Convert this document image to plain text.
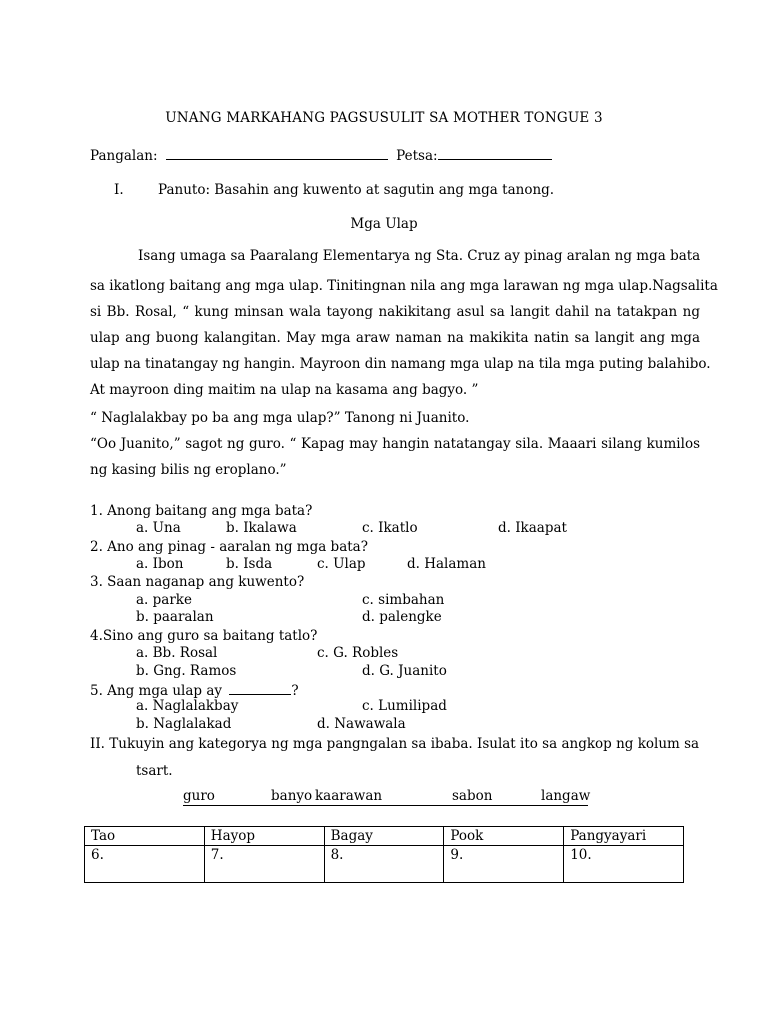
UNANG MARKAHANG PAGSUSULIT SA MOTHER TONGUE 3
Pangalan:	Petsa:
I.	Panuto: Basahin ang kuwento at sagutin ang mga tanong.
Mga Ulap
Isang umaga sa Paaralang Elementarya ng Sta. Cruz ay pinag aralan ng mga bata
sa ikatlong baitang ang mga ulap. Tinitingnan nila ang mga larawan ng mga ulap.Nagsalita
si Bb. Rosal, “ kung minsan wala tayong nakikitang asul sa langit dahil na tatakpan ng
ulap ang buong kalangitan. May mga araw naman na makikita natin sa langit ang mga
ulap na tinatangay ng hangin. Mayroon din namang mga ulap na tila mga puting balahibo.
At mayroon ding maitim na ulap na kasama ang bagyo. ”
“ Naglalakbay po ba ang mga ulap?” Tanong ni Juanito.
“Oo Juanito,” sagot ng guro. “ Kapag may hangin natatangay sila. Maaari silang kumilos
ng kasing bilis ng eroplano.”
1. Anong baitang ang mga bata?
a. Una	b. Ikalawa	c. Ikatlo	d. Ikaapat
2. Ano ang pinag - aaralan ng mga bata?
a. Ibon	b. Isda	c. Ulap	d. Halaman
3. Saan naganap ang kuwento?
a. parke	c. simbahan
b. paaralan	d. palengke
4.Sino ang guro sa baitang tatlo?
a. Bb. Rosal	c. G. Robles
b. Gng. Ramos	d. G. Juanito
5. Ang mga ulap ay	?
a. Naglalakbay	c. Lumilipad
b. Naglalakad	d. Nawawala
II. Tukuyin ang kategorya ng mga pangngalan sa ibaba. Isulat ito sa angkop ng kolum sa
tsart.
guro	banyo kaarawan	sabon	langaw
Tao	Hayop	Bagay	Pook	Pangyayari
6.	7.	8.	9.	10.
